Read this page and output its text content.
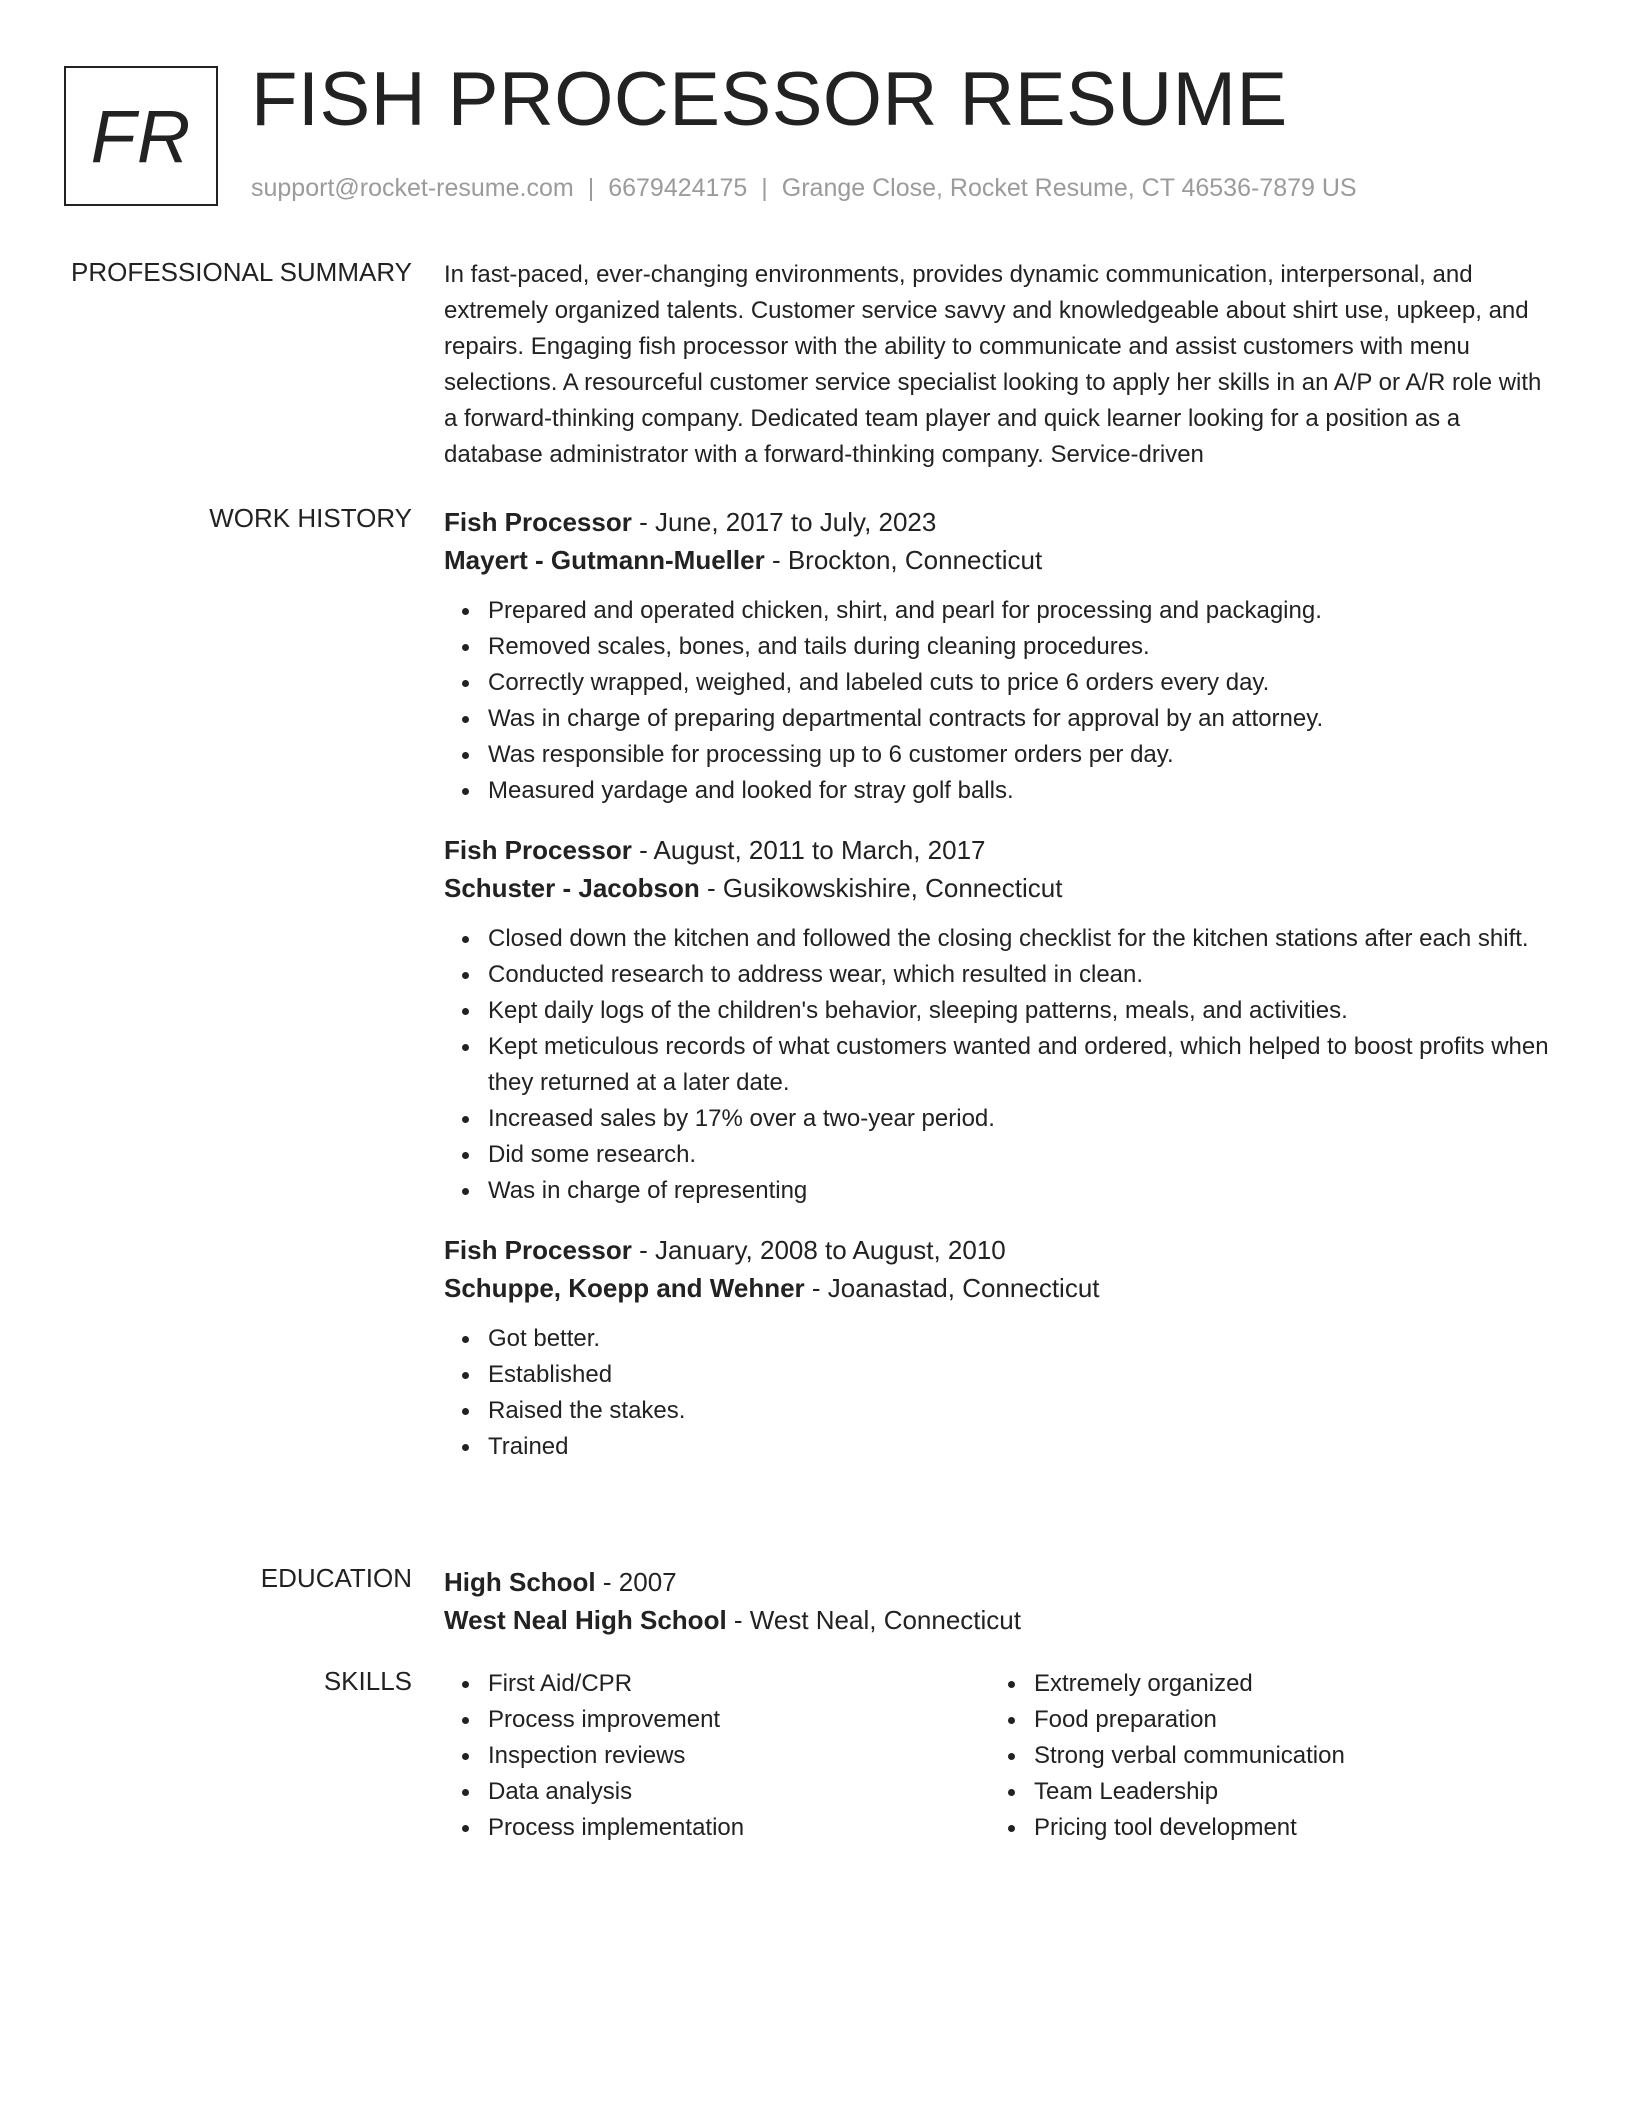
FR FISH PROCESSOR RESUME
support@rocket-resume.com | 6679424175 | Grange Close, Rocket Resume, CT 46536-7879 US
PROFESSIONAL SUMMARY In fast-paced, ever-changing environments, provides dynamic communication, interpersonal, and extremely organized talents. Customer service savvy and knowledgeable about shirt use, upkeep, and repairs. Engaging fish processor with the ability to communicate and assist customers with menu selections. A resourceful customer service specialist looking to apply her skills in an A/P or A/R role with a forward-thinking company. Dedicated team player and quick learner looking for a position as a database administrator with a forward-thinking company. Service-driven

WORK HISTORY Fish Processor - June, 2017 to July, 2023
Mayert - Gutmann-Mueller - Brockton, Connecticut
Prepared and operated chicken, shirt, and pearl for processing and packaging.
Removed scales, bones, and tails during cleaning procedures.
Correctly wrapped, weighed, and labeled cuts to price 6 orders every day.
Was in charge of preparing departmental contracts for approval by an attorney.
Was responsible for processing up to 6 customer orders per day.
Measured yardage and looked for stray golf balls.
Fish Processor - August, 2011 to March, 2017
Schuster - Jacobson - Gusikowskishire, Connecticut
Closed down the kitchen and followed the closing checklist for the kitchen stations after each shift.
Conducted research to address wear, which resulted in clean.
Kept daily logs of the children's behavior, sleeping patterns, meals, and activities.
Kept meticulous records of what customers wanted and ordered, which helped to boost profits when they returned at a later date.
Increased sales by 17% over a two-year period.
Did some research.
Was in charge of representing
Fish Processor - January, 2008 to August, 2010
Schuppe, Koepp and Wehner - Joanastad, Connecticut
Got better.
Established
Raised the stakes.
Trained
EDUCATION High School - 2007
West Neal High School - West Neal, Connecticut
SKILLS	First Aid/CPR
Process improvement
Inspection reviews
Data analysis
Process implementation
Extremely organized
Food preparation
Strong verbal communication
Team Leadership
Pricing tool development
